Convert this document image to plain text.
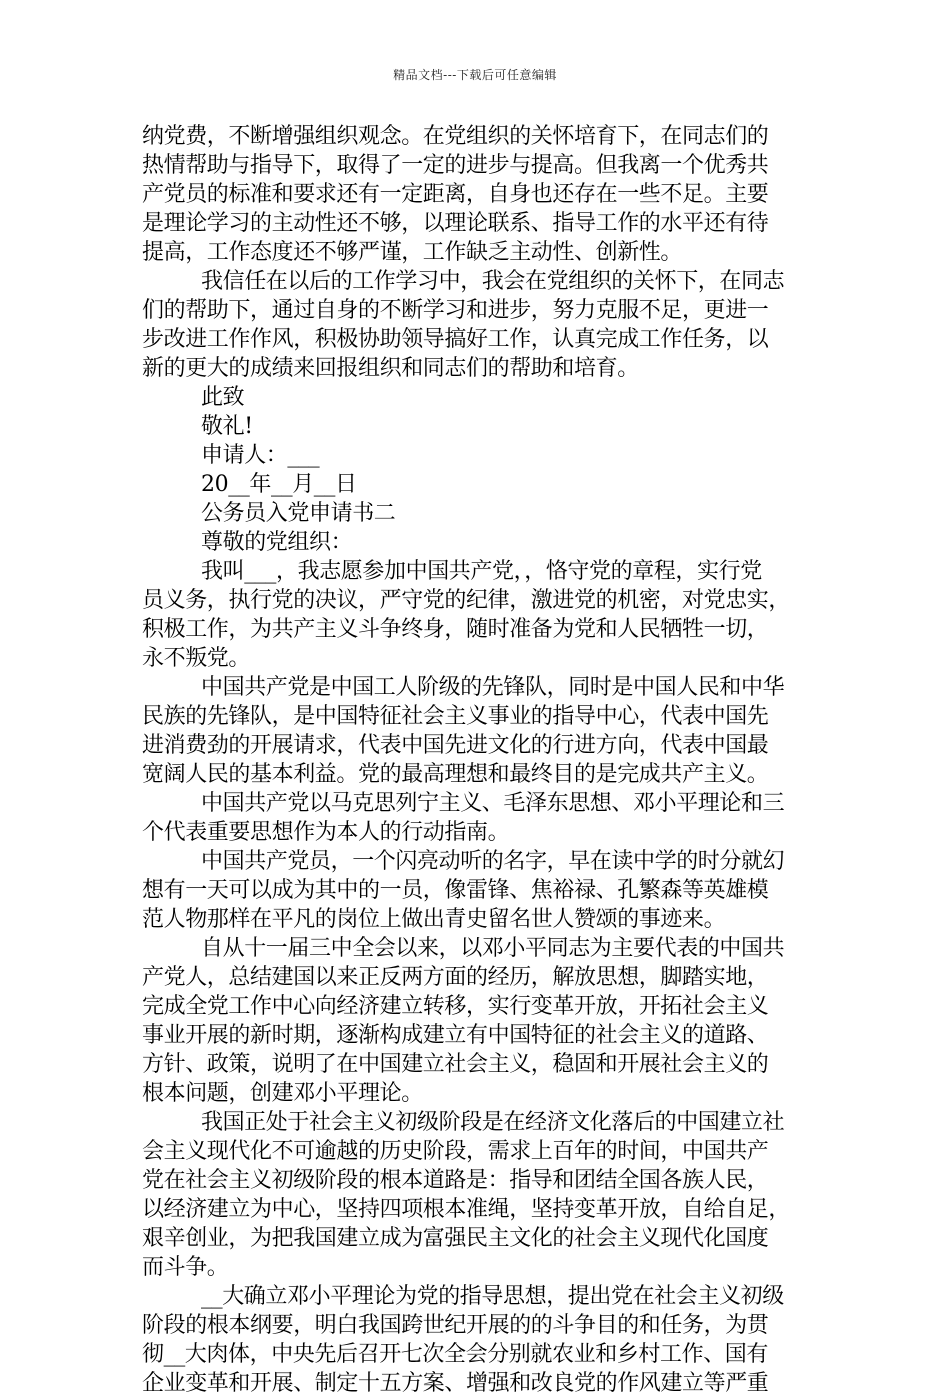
精品文档---下载后可任意编辑
纳党费，不断增强组织观念。在党组织的关怀培育下，在同志们的
热情帮助与指导下，取得了一定的进步与提高。但我离一个优秀共
产党员的标准和要求还有一定距离，自身也还存在一些不足。主要
是理论学习的主动性还不够，以理论联系、指导工作的水平还有待
提高，工作态度还不够严谨，工作缺乏主动性、创新性。
我信任在以后的工作学习中，我会在党组织的关怀下，在同志
们的帮助下，通过自身的不断学习和进步，努力克服不足，更进一
步改进工作作风，积极协助领导搞好工作，认真完成工作任务，以
新的更大的成绩来回报组织和同志们的帮助和培育。
此致
敬礼!
申请人：___
20__年__月__日
公务员入党申请书二
尊敬的党组织：
我叫___，我志愿参加中国共产党，，恪守党的章程，实行党
员义务，执行党的决议，严守党的纪律，激进党的机密，对党忠实，
积极工作，为共产主义斗争终身，随时准备为党和人民牺牲一切，
永不叛党。
中国共产党是中国工人阶级的先锋队，同时是中国人民和中华
民族的先锋队，是中国特征社会主义事业的指导中心，代表中国先
进消费劲的开展请求，代表中国先进文化的行进方向，代表中国最
宽阔人民的基本利益。党的最高理想和最终目的是完成共产主义。
中国共产党以马克思列宁主义、毛泽东思想、邓小平理论和三
个代表重要思想作为本人的行动指南。
中国共产党员，一个闪亮动听的名字，早在读中学的时分就幻
想有一天可以成为其中的一员，像雷锋、焦裕禄、孔繁森等英雄模
范人物那样在平凡的岗位上做出青史留名世人赞颂的事迹来。
自从十一届三中全会以来，以邓小平同志为主要代表的中国共
产党人，总结建国以来正反两方面的经历，解放思想，脚踏实地，
完成全党工作中心向经济建立转移，实行变革开放，开拓社会主义
事业开展的新时期，逐渐构成建立有中国特征的社会主义的道路、
方针、政策，说明了在中国建立社会主义，稳固和开展社会主义的
根本问题，创建邓小平理论。
我国正处于社会主义初级阶段是在经济文化落后的中国建立社
会主义现代化不可逾越的历史阶段，需求上百年的时间，中国共产
党在社会主义初级阶段的根本道路是：指导和团结全国各族人民，
以经济建立为中心，坚持四项根本准绳，坚持变革开放，自给自足，
艰辛创业，为把我国建立成为富强民主文化的社会主义现代化国度
而斗争。
__大确立邓小平理论为党的指导思想，提出党在社会主义初级
阶段的根本纲要，明白我国跨世纪开展的的斗争目的和任务，为贯
彻__大肉体，中央先后召开七次全会分别就农业和乡村工作、国有
企业变革和开展、制定十五方案、增强和改良党的作风建立等严重
